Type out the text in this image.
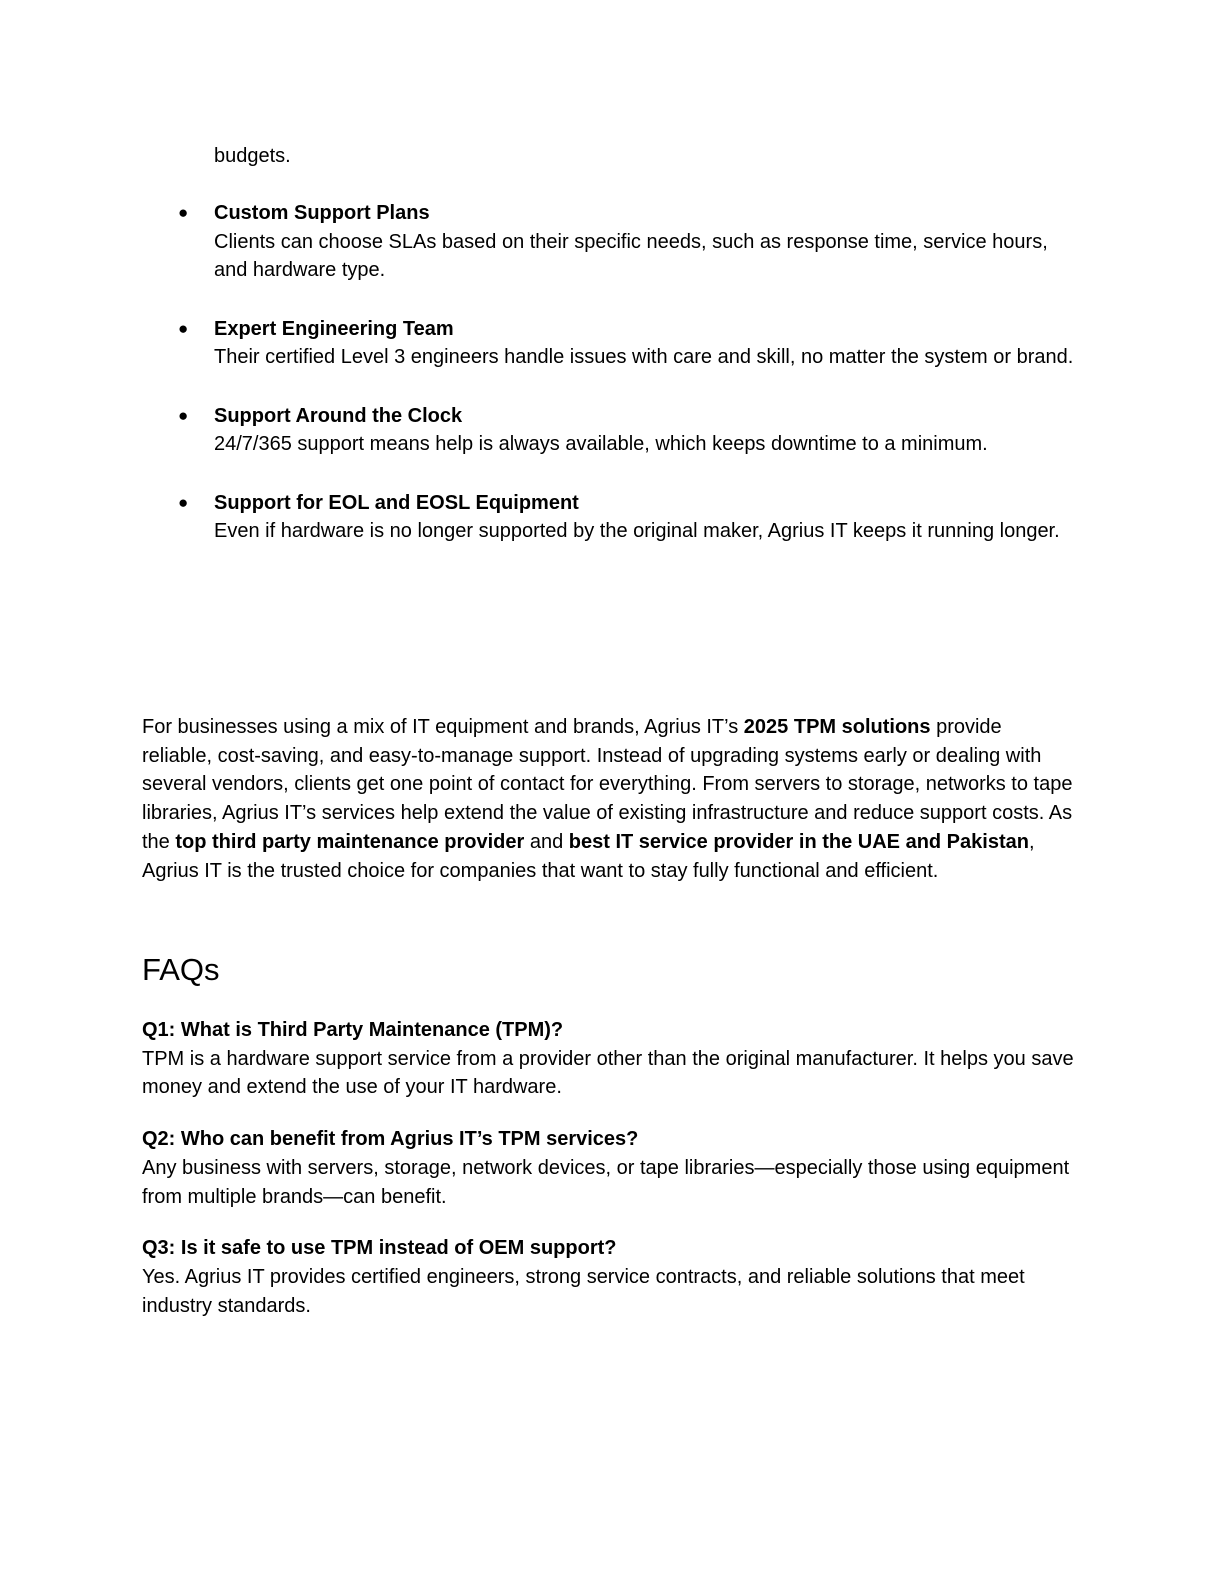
budgets.

● Custom Support Plans
Clients can choose SLAs based on their specific needs, such as response time, service hours, and hardware type.
● Expert Engineering Team
Their certified Level 3 engineers handle issues with care and skill, no matter the system or brand.
● Support Around the Clock
24/7/365 support means help is always available, which keeps downtime to a minimum.
● Support for EOL and EOSL Equipment
Even if hardware is no longer supported by the original maker, Agrius IT keeps it running longer.

For businesses using a mix of IT equipment and brands, Agrius IT’s 2025 TPM solutions provide reliable, cost-saving, and easy-to-manage support. Instead of upgrading systems early or dealing with several vendors, clients get one point of contact for everything. From servers to storage, networks to tape libraries, Agrius IT’s services help extend the value of existing infrastructure and reduce support costs. As the top third party maintenance provider and best IT service provider in the UAE and Pakistan, Agrius IT is the trusted choice for companies that want to stay fully functional and efficient.

FAQs
Q1: What is Third Party Maintenance (TPM)?
TPM is a hardware support service from a provider other than the original manufacturer. It helps you save money and extend the use of your IT hardware.
Q2: Who can benefit from Agrius IT’s TPM services?
Any business with servers, storage, network devices, or tape libraries—especially those using equipment from multiple brands—can benefit.
Q3: Is it safe to use TPM instead of OEM support?
Yes. Agrius IT provides certified engineers, strong service contracts, and reliable solutions that meet industry standards.
